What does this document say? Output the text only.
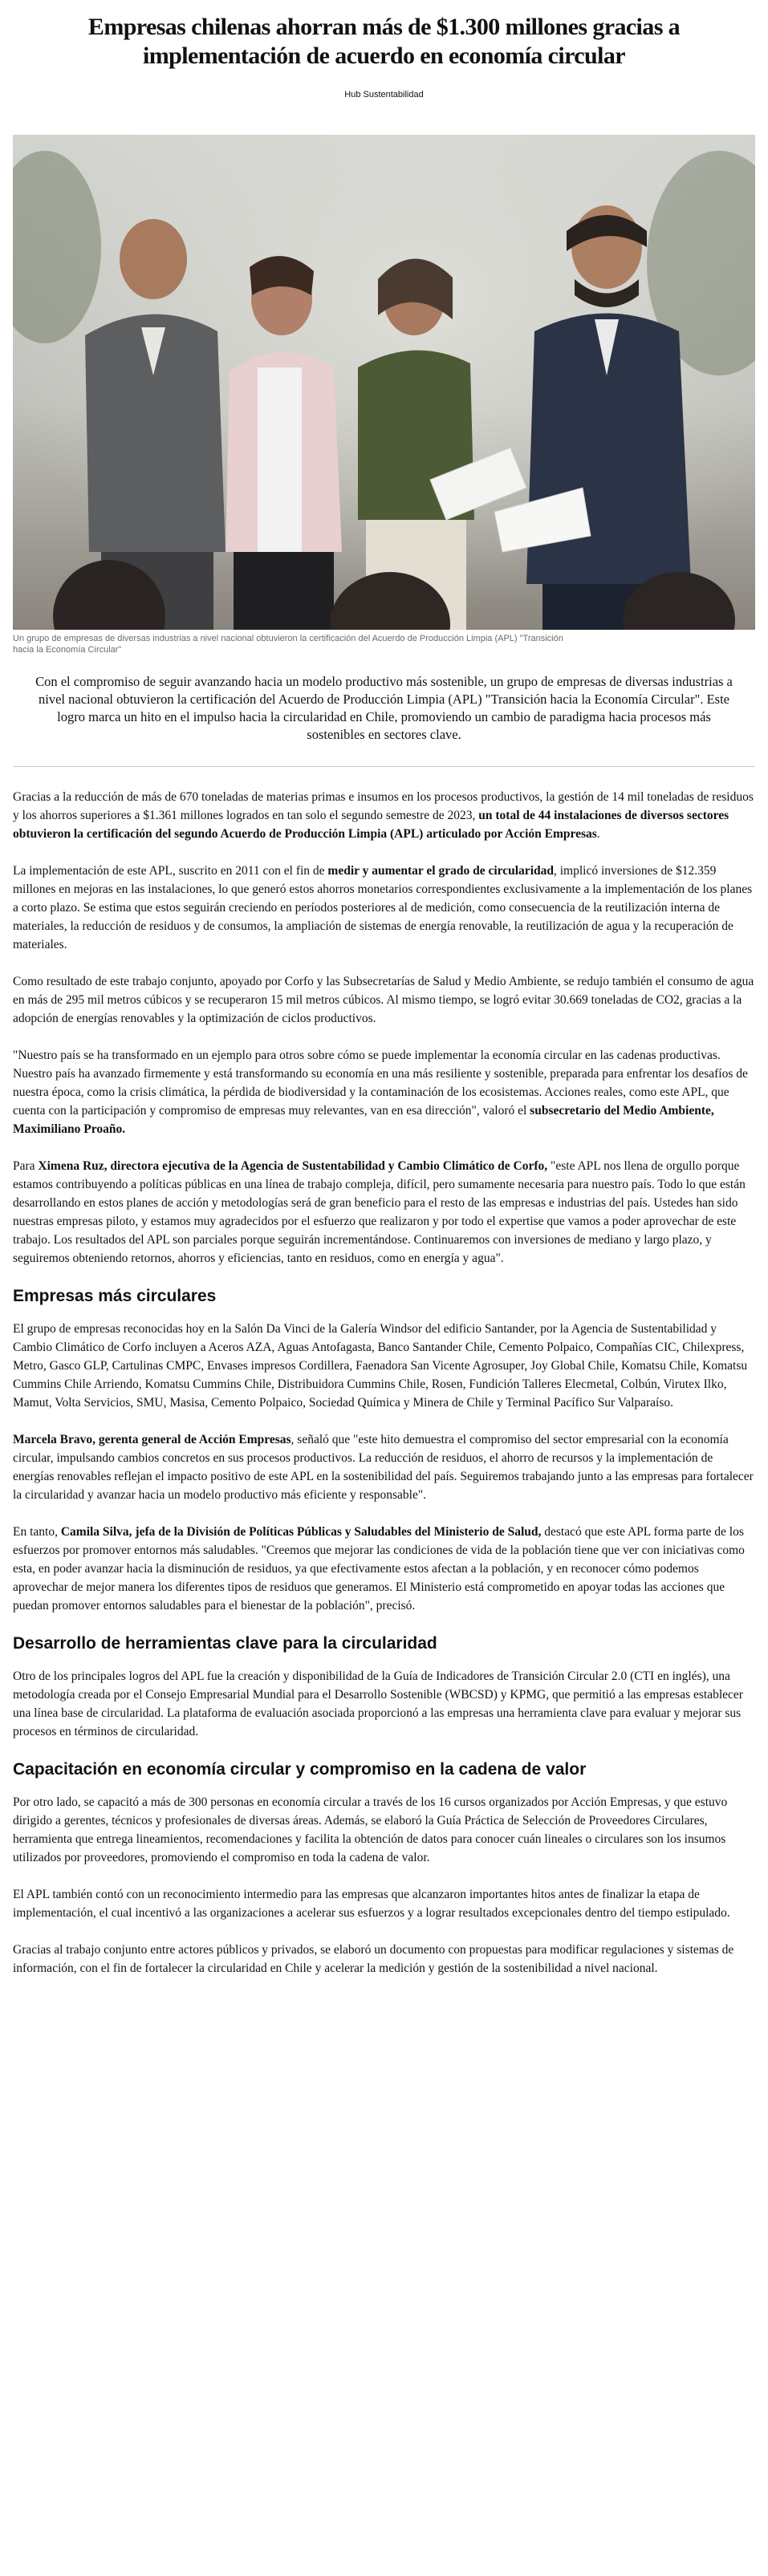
Empresas chilenas ahorran más de $1.300 millones gracias a implementación de acuerdo en economía circular
Hub Sustentabilidad

Un grupo de empresas de diversas industrias a nivel nacional obtuvieron la certificación del Acuerdo de Producción Limpia (APL) "Transición hacia la Economía Circular"

Con el compromiso de seguir avanzando hacia un modelo productivo más sostenible, un grupo de empresas de diversas industrias a nivel nacional obtuvieron la certificación del Acuerdo de Producción Limpia (APL) "Transición hacia la Economía Circular". Este logro marca un hito en el impulso hacia la circularidad en Chile, promoviendo un cambio de paradigma hacia procesos más sostenibles en sectores clave.

Gracias a la reducción de más de 670 toneladas de materias primas e insumos en los procesos productivos, la gestión de 14 mil toneladas de residuos y los ahorros superiores a $1.361 millones logrados en tan solo el segundo semestre de 2023, un total de 44 instalaciones de diversos sectores obtuvieron la certificación del segundo Acuerdo de Producción Limpia (APL) articulado por Acción Empresas.

La implementación de este APL, suscrito en 2011 con el fin de medir y aumentar el grado de circularidad, implicó inversiones de $12.359 millones en mejoras en las instalaciones, lo que generó estos ahorros monetarios correspondientes exclusivamente a la implementación de los planes a corto plazo. Se estima que estos seguirán creciendo en períodos posteriores al de medición, como consecuencia de la reutilización interna de materiales, la reducción de residuos y de consumos, la ampliación de sistemas de energía renovable, la reutilización de agua y la recuperación de materiales.

Como resultado de este trabajo conjunto, apoyado por Corfo y las Subsecretarías de Salud y Medio Ambiente, se redujo también el consumo de agua en más de 295 mil metros cúbicos y se recuperaron 15 mil metros cúbicos. Al mismo tiempo, se logró evitar 30.669 toneladas de CO2, gracias a la adopción de energías renovables y la optimización de ciclos productivos.

"Nuestro país se ha transformado en un ejemplo para otros sobre cómo se puede implementar la economía circular en las cadenas productivas. Nuestro país ha avanzado firmemente y está transformando su economía en una más resiliente y sostenible, preparada para enfrentar los desafíos de nuestra época, como la crisis climática, la pérdida de biodiversidad y la contaminación de los ecosistemas. Acciones reales, como este APL, que cuenta con la participación y compromiso de empresas muy relevantes, van en esa dirección", valoró el subsecretario del Medio Ambiente, Maximiliano Proaño.

Para Ximena Ruz, directora ejecutiva de la Agencia de Sustentabilidad y Cambio Climático de Corfo, "este APL nos llena de orgullo porque estamos contribuyendo a políticas públicas en una línea de trabajo compleja, difícil, pero sumamente necesaria para nuestro país. Todo lo que están desarrollando en estos planes de acción y metodologías será de gran beneficio para el resto de las empresas e industrias del país. Ustedes han sido nuestras empresas piloto, y estamos muy agradecidos por el esfuerzo que realizaron y por todo el expertise que vamos a poder aprovechar de este trabajo. Los resultados del APL son parciales porque seguirán incrementándose. Continuaremos con inversiones de mediano y largo plazo, y seguiremos obteniendo retornos, ahorros y eficiencias, tanto en residuos, como en energía y agua".

Empresas más circulares

El grupo de empresas reconocidas hoy en la Salón Da Vinci de la Galería Windsor del edificio Santander, por la Agencia de Sustentabilidad y Cambio Climático de Corfo incluyen a Aceros AZA, Aguas Antofagasta, Banco Santander Chile, Cemento Polpaico, Compañías CIC, Chilexpress, Metro, Gasco GLP, Cartulinas CMPC, Envases impresos Cordillera, Faenadora San Vicente Agrosuper, Joy Global Chile, Komatsu Chile, Komatsu Cummins Chile Arriendo, Komatsu Cummins Chile, Distribuidora Cummins Chile, Rosen, Fundición Talleres Elecmetal, Colbún, Virutex Ilko, Mamut, Volta Servicios, SMU, Masisa, Cemento Polpaico, Sociedad Química y Minera de Chile y Terminal Pacífico Sur Valparaíso.

Marcela Bravo, gerenta general de Acción Empresas, señaló que "este hito demuestra el compromiso del sector empresarial con la economía circular, impulsando cambios concretos en sus procesos productivos. La reducción de residuos, el ahorro de recursos y la implementación de energías renovables reflejan el impacto positivo de este APL en la sostenibilidad del país. Seguiremos trabajando junto a las empresas para fortalecer la circularidad y avanzar hacia un modelo productivo más eficiente y responsable".

En tanto, Camila Silva, jefa de la División de Políticas Públicas y Saludables del Ministerio de Salud, destacó que este APL forma parte de los esfuerzos por promover entornos más saludables. "Creemos que mejorar las condiciones de vida de la población tiene que ver con iniciativas como esta, en poder avanzar hacia la disminución de residuos, ya que efectivamente estos afectan a la población, y en reconocer cómo podemos aprovechar de mejor manera los diferentes tipos de residuos que generamos. El Ministerio está comprometido en apoyar todas las acciones que puedan promover entornos saludables para el bienestar de la población", precisó.

Desarrollo de herramientas clave para la circularidad

Otro de los principales logros del APL fue la creación y disponibilidad de la Guía de Indicadores de Transición Circular 2.0 (CTI en inglés), una metodología creada por el Consejo Empresarial Mundial para el Desarrollo Sostenible (WBCSD) y KPMG, que permitió a las empresas establecer una línea base de circularidad. La plataforma de evaluación asociada proporcionó a las empresas una herramienta clave para evaluar y mejorar sus procesos en términos de circularidad.

Capacitación en economía circular y compromiso en la cadena de valor

Por otro lado, se capacitó a más de 300 personas en economía circular a través de los 16 cursos organizados por Acción Empresas, y que estuvo dirigido a gerentes, técnicos y profesionales de diversas áreas. Además, se elaboró la Guía Práctica de Selección de Proveedores Circulares, herramienta que entrega lineamientos, recomendaciones y facilita la obtención de datos para conocer cuán lineales o circulares son los insumos utilizados por proveedores, promoviendo el compromiso en toda la cadena de valor.

El APL también contó con un reconocimiento intermedio para las empresas que alcanzaron importantes hitos antes de finalizar la etapa de implementación, el cual incentivó a las organizaciones a acelerar sus esfuerzos y a lograr resultados excepcionales dentro del tiempo estipulado.

Gracias al trabajo conjunto entre actores públicos y privados, se elaboró un documento con propuestas para modificar regulaciones y sistemas de información, con el fin de fortalecer la circularidad en Chile y acelerar la medición y gestión de la sostenibilidad a nivel nacional.
